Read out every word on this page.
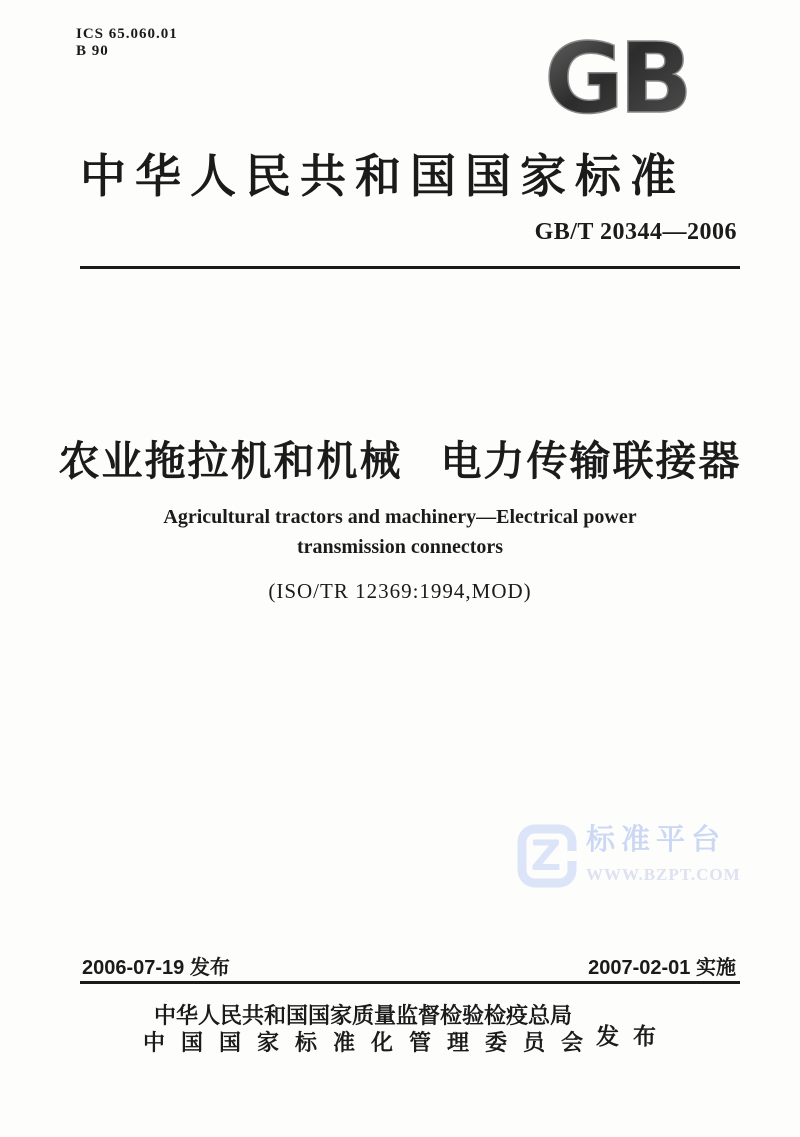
ICS 65.060.01
B 90	GB
中华人民共和国国家标准
GB/T 20344—2006
农业拖拉机和机械 电力传输联接器
Agricultural tractors and machinery—Electrical power
transmission connectors
(ISO/TR 12369:1994,MOD)
Z 标准平台
WWW.BZPT.COM
2006-07-19 发布	2007-02-01 实施
中华人民共和国国家质量监督检验检疫总局
中国国家标准化管理委员会
发布
